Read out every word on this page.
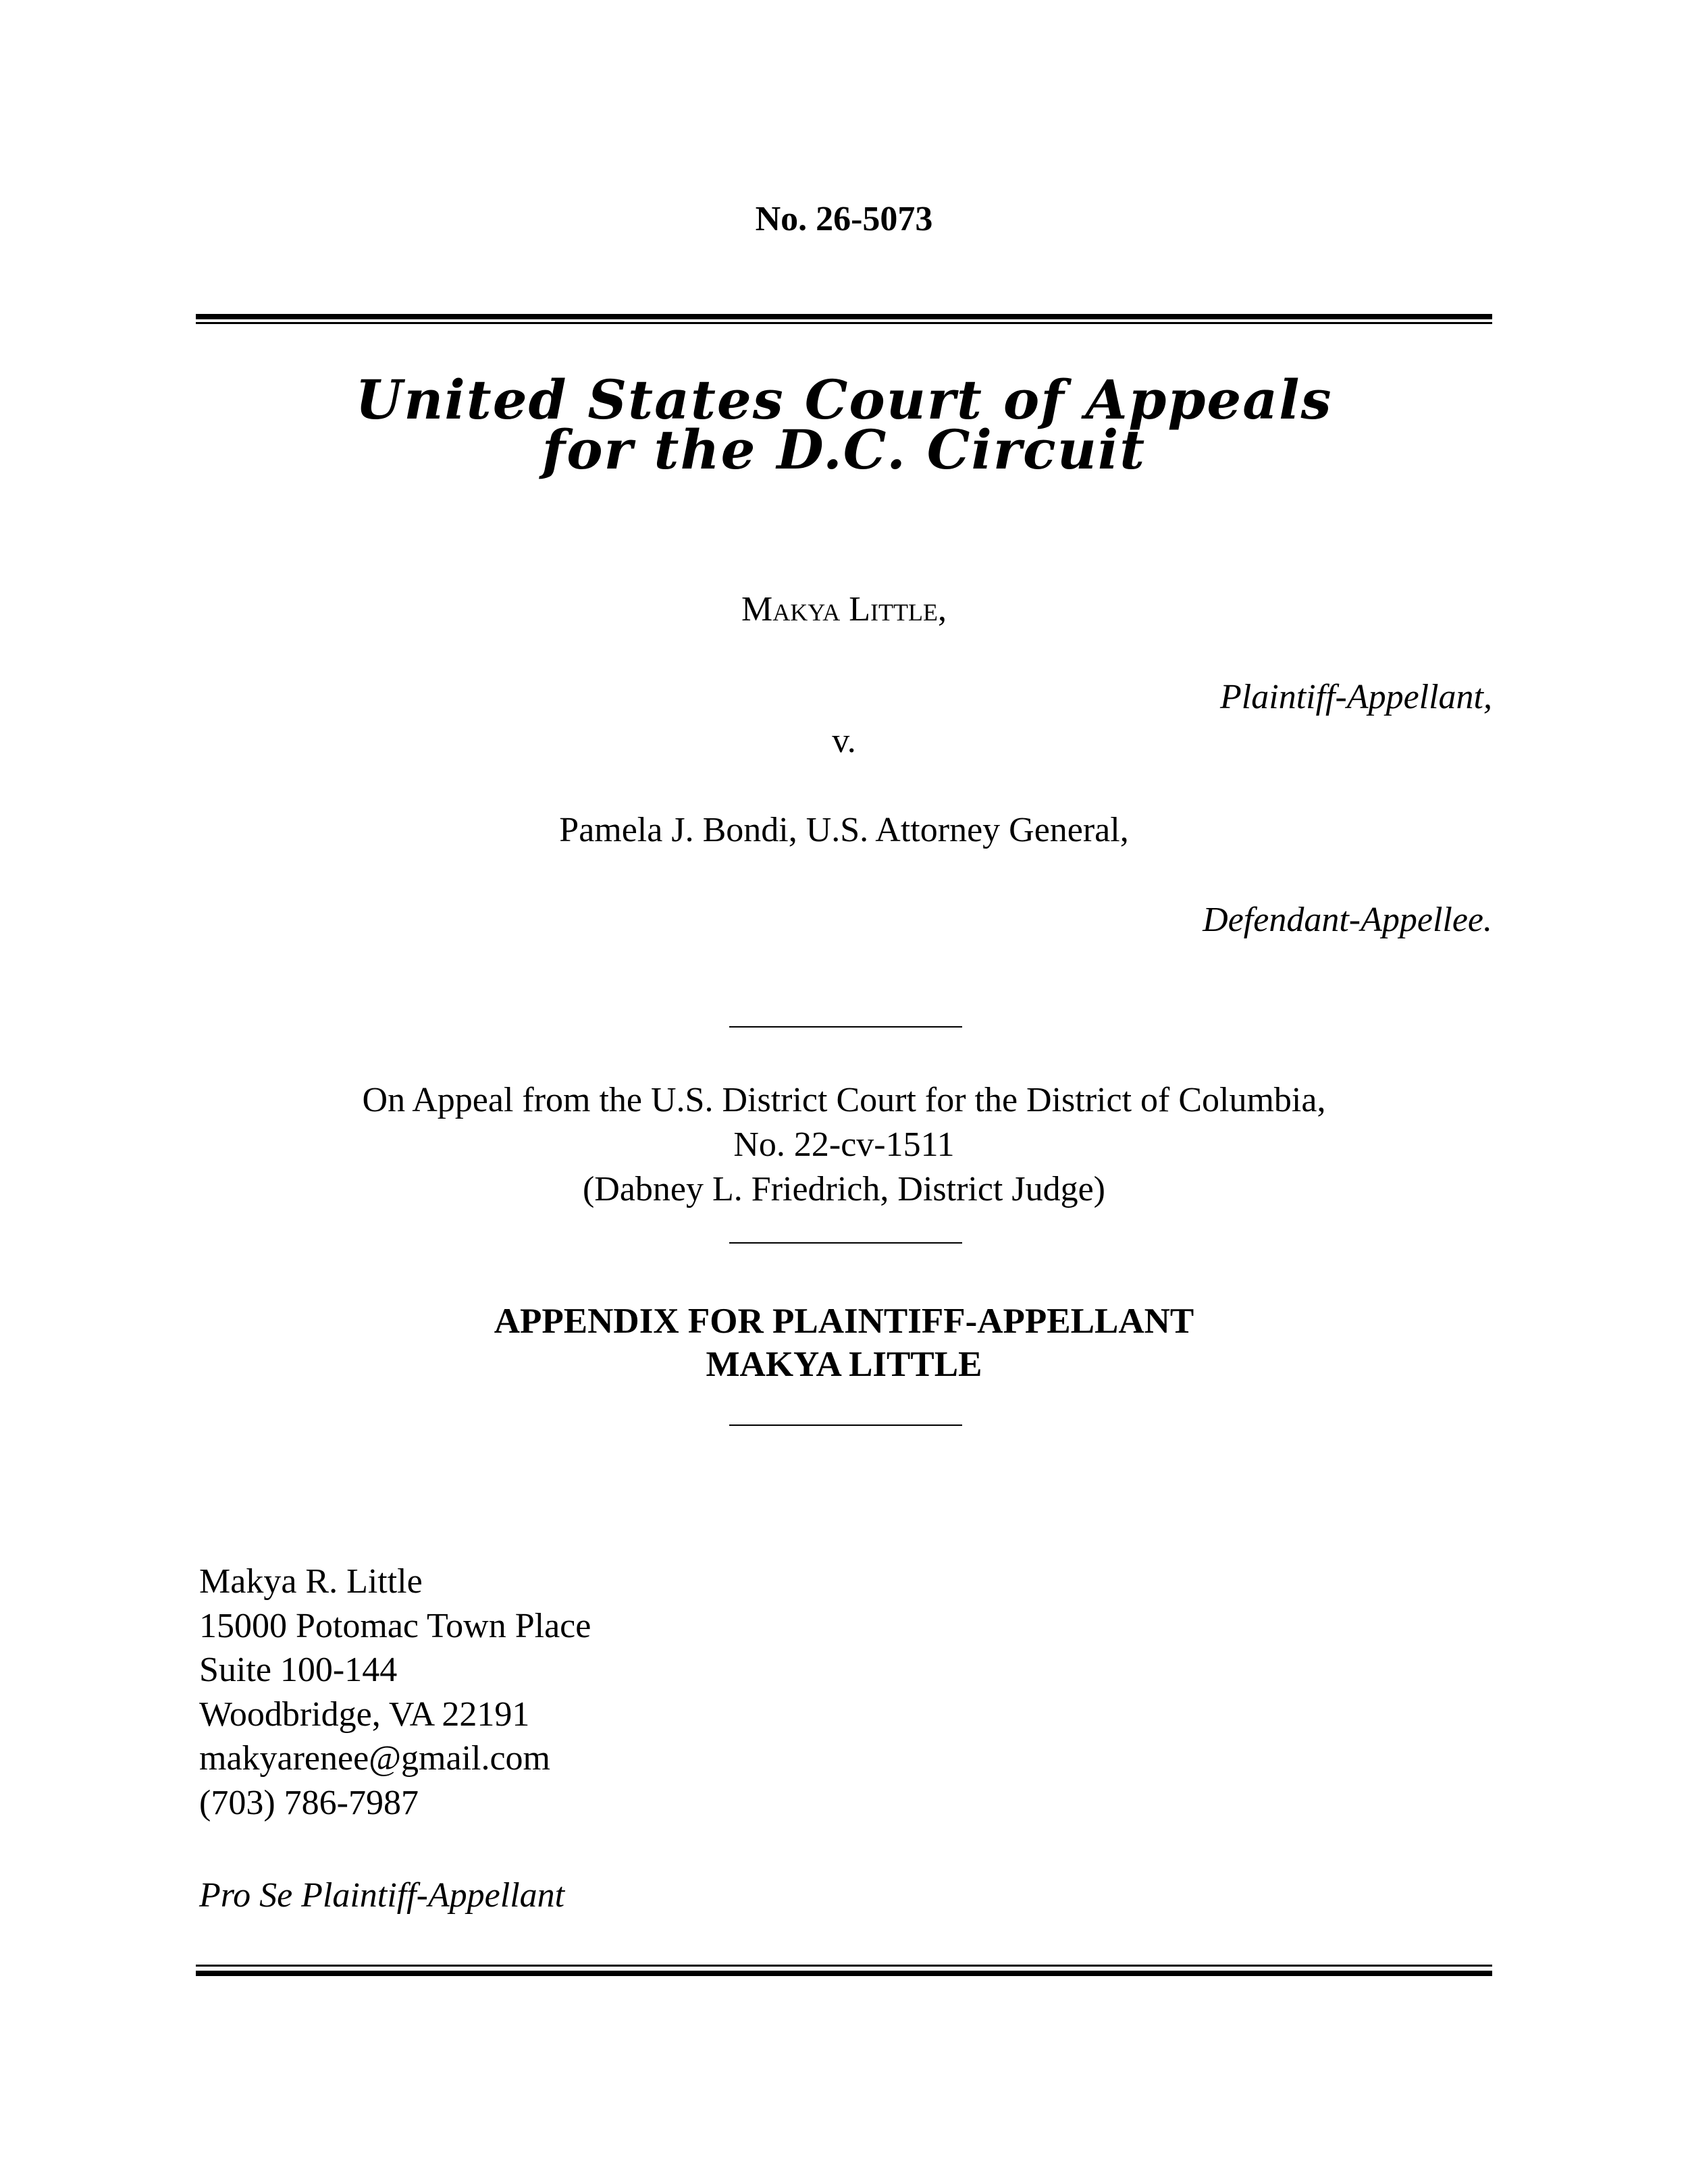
No. 26-5073
United States Court of Appeals
for the D.C. Circuit
Makya Little,
Plaintiff-Appellant,
v.
Pamela J. Bondi, U.S. Attorney General,
Defendant-Appellee.
On Appeal from the U.S. District Court for the District of Columbia,
No. 22-cv-1511
(Dabney L. Friedrich, District Judge)
APPENDIX FOR PLAINTIFF-APPELLANT
MAKYA LITTLE
Makya R. Little
15000 Potomac Town Place
Suite 100-144
Woodbridge, VA 22191
makyarenee@gmail.com
(703) 786-7987
Pro Se Plaintiff-Appellant
